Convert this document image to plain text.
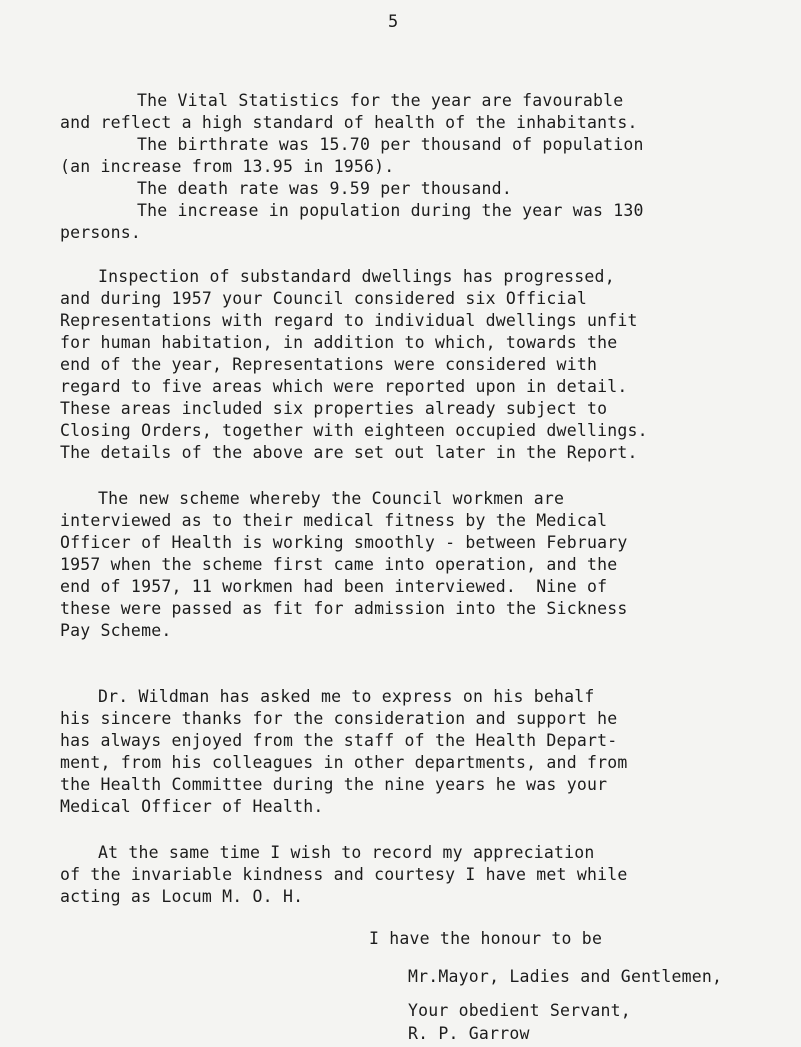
5
The Vital Statistics for the year are favourable
and reflect a high standard of health of the inhabitants.
The birthrate was 15.70 per thousand of population
(an increase from 13.95 in 1956).
The death rate was 9.59 per thousand.
The increase in population during the year was 130
persons.
Inspection of substandard dwellings has progressed,
and during 1957 your Council considered six Official
Representations with regard to individual dwellings unfit
for human habitation, in addition to which, towards the
end of the year, Representations were considered with
regard to five areas which were reported upon in detail.
These areas included six properties already subject to
Closing Orders, together with eighteen occupied dwellings.
The details of the above are set out later in the Report.
The new scheme whereby the Council workmen are
interviewed as to their medical fitness by the Medical
Officer of Health is working smoothly - between February
1957 when the scheme first came into operation, and the
end of 1957, 11 workmen had been interviewed.  Nine of
these were passed as fit for admission into the Sickness
Pay Scheme.
Dr. Wildman has asked me to express on his behalf
his sincere thanks for the consideration and support he
has always enjoyed from the staff of the Health Depart-
ment, from his colleagues in other departments, and from
the Health Committee during the nine years he was your
Medical Officer of Health.
At the same time I wish to record my appreciation
of the invariable kindness and courtesy I have met while
acting as Locum M. O. H.
I have the honour to be
Mr.Mayor, Ladies and Gentlemen,
Your obedient Servant,
R. P. Garrow
